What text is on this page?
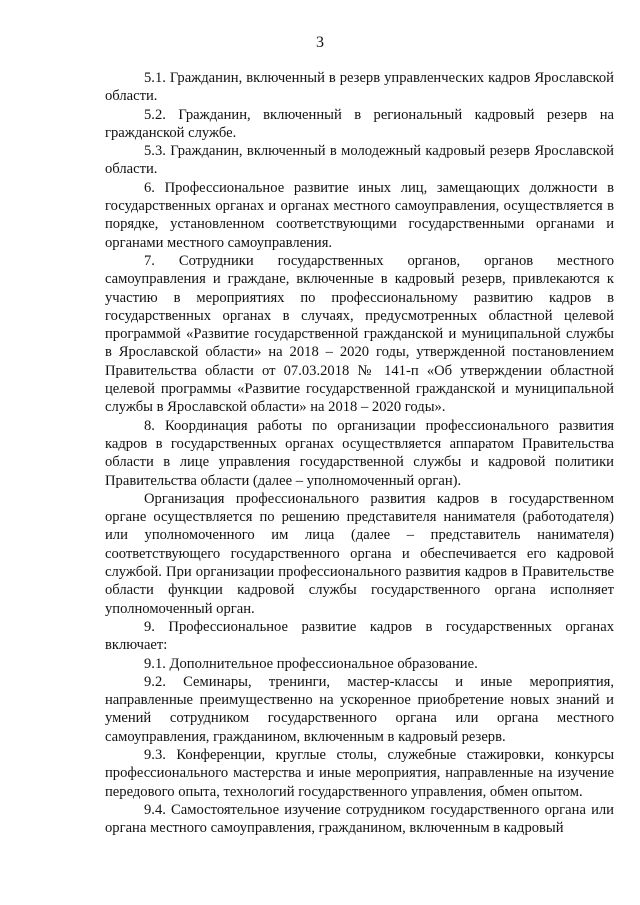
3

5.1. Гражданин, включенный в резерв управленческих кадров Ярославской области.

5.2. Гражданин, включенный в региональный кадровый резерв на гражданской службе.

5.3. Гражданин, включенный в молодежный кадровый резерв Ярославской области.

6. Профессиональное развитие иных лиц, замещающих должности в государственных органах и органах местного самоуправления, осуществляется в порядке, установленном соответствующими государственными органами и органами местного самоуправления.

7. Сотрудники государственных органов, органов местного самоуправления и граждане, включенные в кадровый резерв, привлекаются к участию в мероприятиях по профессиональному развитию кадров в государственных органах в случаях, предусмотренных областной целевой программой «Развитие государственной гражданской и муниципальной службы в Ярославской области» на 2018 – 2020 годы, утвержденной постановлением Правительства области от 07.03.2018 № 141-п «Об утверждении областной целевой программы «Развитие государственной гражданской и муниципальной службы в Ярославской области» на 2018 – 2020 годы».

8. Координация работы по организации профессионального развития кадров в государственных органах осуществляется аппаратом Правительства области в лице управления государственной службы и кадровой политики Правительства области (далее – уполномоченный орган).

Организация профессионального развития кадров в государственном органе осуществляется по решению представителя нанимателя (работодателя) или уполномоченного им лица (далее – представитель нанимателя) соответствующего государственного органа и обеспечивается его кадровой службой. При организации профессионального развития кадров в Правительстве области функции кадровой службы государственного органа исполняет уполномоченный орган.

9. Профессиональное развитие кадров в государственных органах включает:

9.1. Дополнительное профессиональное образование.

9.2. Семинары, тренинги, мастер-классы и иные мероприятия, направленные преимущественно на ускоренное приобретение новых знаний и умений сотрудником государственного органа или органа местного самоуправления, гражданином, включенным в кадровый резерв.

9.3. Конференции, круглые столы, служебные стажировки, конкурсы профессионального мастерства и иные мероприятия, направленные на изучение передового опыта, технологий государственного управления, обмен опытом.

9.4. Самостоятельное изучение сотрудником государственного органа или органа местного самоуправления, гражданином, включенным в кадровый
